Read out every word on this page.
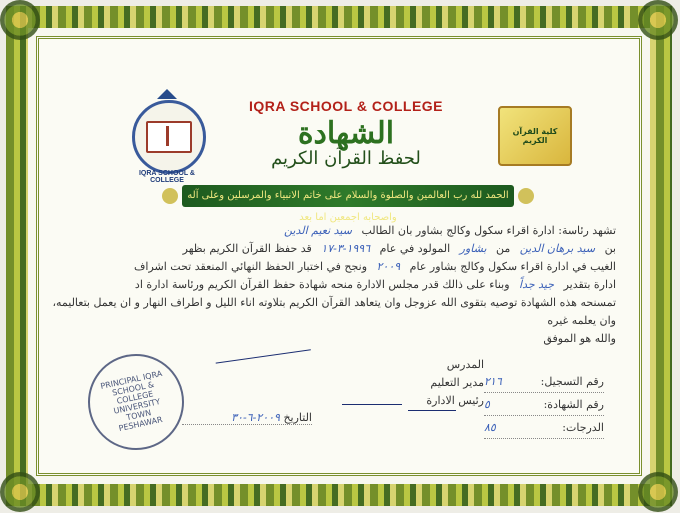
IQRA SCHOOL & COLLEGE
IQRA SCHOOL & COLLEGE
الشهادة
لحفظ القرآن الكريم
كلية القرآن الكريم
الحمد لله رب العالمين والصلوة والسلام على خاتم الانبياء والمرسلين وعلى آله واصحابه اجمعين اما بعد
تشهد رئاسة: ادارة اقراء سكول وكالج بشاور بان الطالب سيد نعيم الدين
بن سيد برهان الدين من بشاور المولود في عام ١٩٩٦-٣-١٧ قد حفظ القرآن الكريم بظهر
الغيب في ادارة اقراء سكول وكالج بشاور عام ٢٠٠٩ ونجح في اختبار الحفظ النهائي المنعقد تحت اشراف
ادارة بتقدير جيد جداً وبناء على ذالك قدر مجلس الادارة منحه شهادة حفظ القرآن الكريم ورئاسة ادارة اد
تمسنحه هذه الشهادة توصيه بتقوى الله عزوجل وان يتعاهد القرآن الكريم بتلاوته اناء الليل و اطراف النهار و ان يعمل بتعاليمه،
وان يعلمه غيره
والله هو الموفق
رقم التسجيل:
٢١٦
رقم الشهادة:
٥
الدرجات:
٨٥
المدرس
مدير التعليم
رئيس الادارة
PRINCIPAL IQRA SCHOOL & COLLEGE UNIVERSITY TOWN PESHAWAR	التاريخ ٢٠٠٩-٦-٣٠
